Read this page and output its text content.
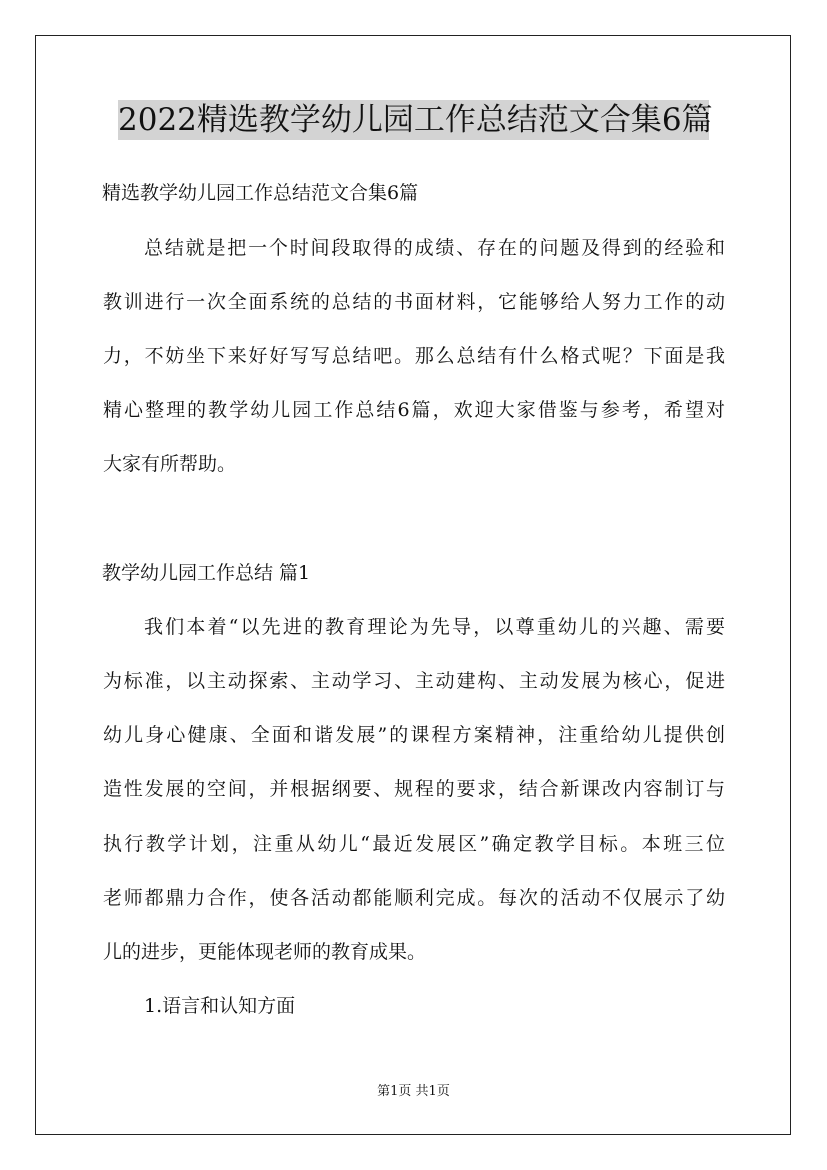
2022精选教学幼儿园工作总结范文合集6篇
精选教学幼儿园工作总结范文合集6篇
总结就是把一个时间段取得的成绩、存在的问题及得到的经验和
教训进行一次全面系统的总结的书面材料，它能够给人努力工作的动
力，不妨坐下来好好写写总结吧。那么总结有什么格式呢？下面是我
精心整理的教学幼儿园工作总结6篇，欢迎大家借鉴与参考，希望对
大家有所帮助。
教学幼儿园工作总结 篇1
我们本着“以先进的教育理论为先导，以尊重幼儿的兴趣、需要
为标准，以主动探索、主动学习、主动建构、主动发展为核心，促进
幼儿身心健康、全面和谐发展”的课程方案精神，注重给幼儿提供创
造性发展的空间，并根据纲要、规程的要求，结合新课改内容制订与
执行教学计划，注重从幼儿“最近发展区”确定教学目标。本班三位
老师都鼎力合作，使各活动都能顺利完成。每次的活动不仅展示了幼
儿的进步，更能体现老师的教育成果。
1.语言和认知方面
第1页 共1页
